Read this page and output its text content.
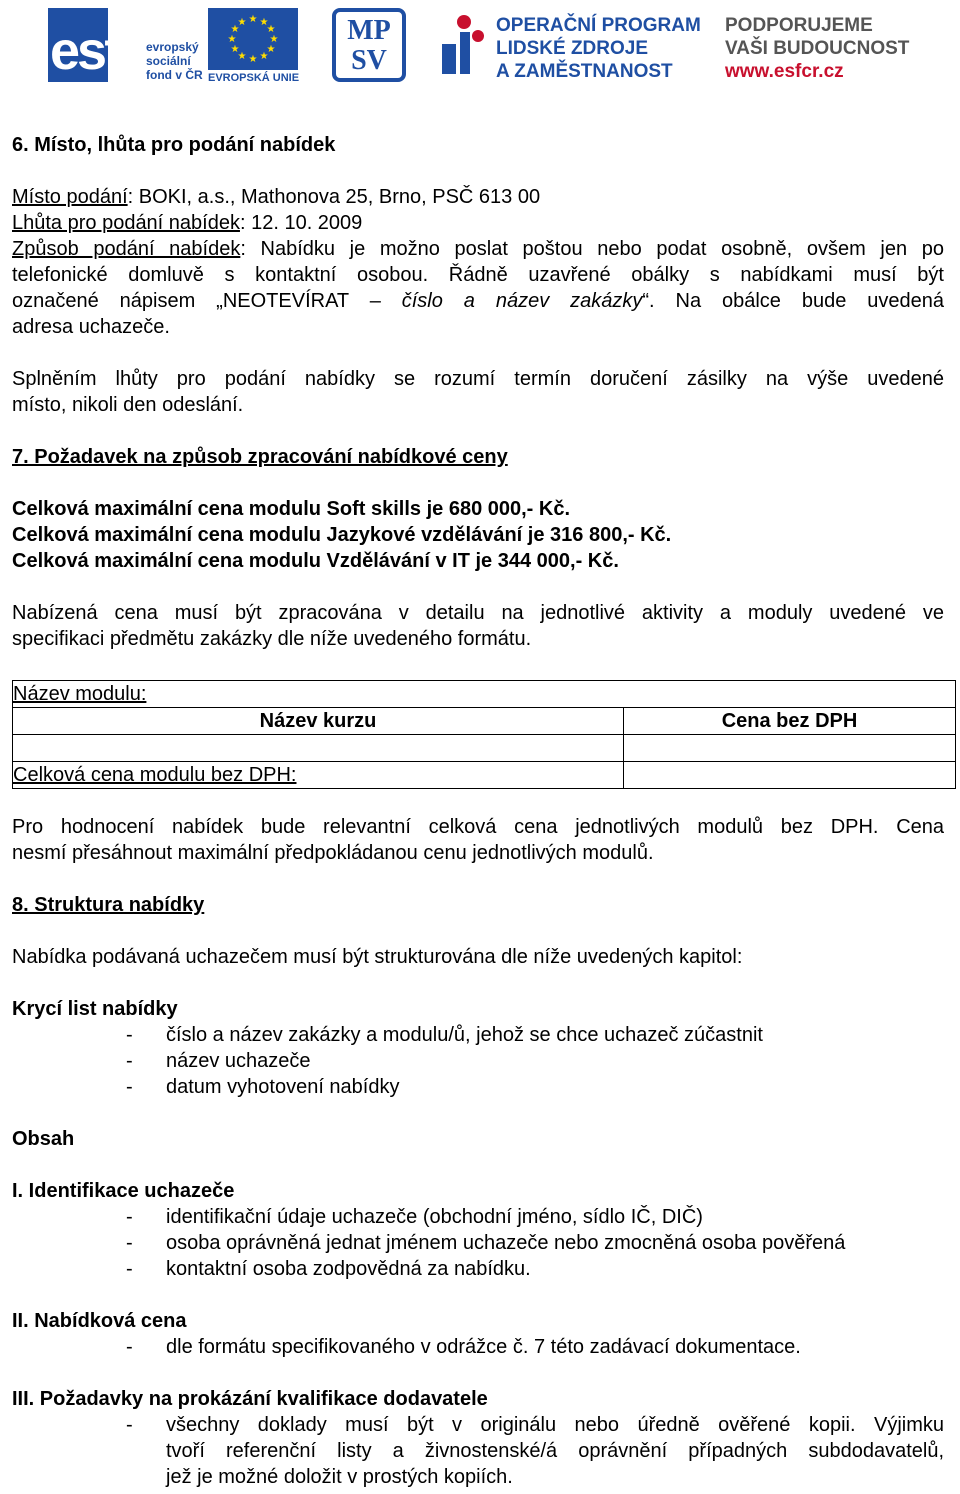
esf evropský
sociální
fond v ČR
★ ★
★
★
★
★
★
★
★
★
★
★
EVROPSKÁ UNIE
MP
SV
OPERAČNÍ PROGRAM
LIDSKÉ ZDROJE
A ZAMĚSTNANOST
PODPORUJEME
VAŠI BUDOUCNOST
www.esfcr.cz
6. Místo, lhůta pro podání nabídek
Místo podání: BOKI, a.s., Mathonova 25, Brno, PSČ 613 00
Lhůta pro podání nabídek: 12. 10. 2009
Způsob podání nabídek: Nabídku je možno poslat poštou nebo podat osobně, ovšem jen po
telefonické domluvě s kontaktní osobou. Řádně uzavřené obálky s nabídkami musí být
označené nápisem „NEOTEVÍRAT – číslo a název zakázky“. Na obálce bude uvedená
adresa uchazeče.
Splněním lhůty pro podání nabídky se rozumí termín doručení zásilky na výše uvedené
místo, nikoli den odeslání.
7. Požadavek na způsob zpracování nabídkové ceny
Celková maximální cena modulu Soft skills je 680 000,- Kč.
Celková maximální cena modulu Jazykové vzdělávání je 316 800,- Kč.
Celková maximální cena modulu Vzdělávání v IT je 344 000,- Kč.
Nabízená cena musí být zpracována v detailu na jednotlivé aktivity a moduly uvedené ve
specifikaci předmětu zakázky dle níže uvedeného formátu.
Název modulu:	
Název kurzu	Cena bez DPH

Celková cena modulu bez DPH:	
Pro hodnocení nabídek bude relevantní celková cena jednotlivých modulů bez DPH. Cena
nesmí přesáhnout maximální předpokládanou cenu jednotlivých modulů.
8. Struktura nabídky
Nabídka podávaná uchazečem musí být strukturována dle níže uvedených kapitol:
Krycí list nabídky
- číslo a název zakázky a modulu/ů, jehož se chce uchazeč zúčastnit
- název uchazeče
- datum vyhotovení nabídky
Obsah
I. Identifikace uchazeče
- identifikační údaje uchazeče (obchodní jméno, sídlo IČ, DIČ)
- osoba oprávněná jednat jménem uchazeče nebo zmocněná osoba pověřená
- kontaktní osoba zodpovědná za nabídku.
II. Nabídková cena
- dle formátu specifikovaného v odrážce č. 7 této zadávací dokumentace.
III. Požadavky na prokázání kvalifikace dodavatele
- všechny doklady musí být v originálu nebo úředně ověřené kopii. Výjimku
tvoří referenční listy a živnostenské/á oprávnění případných subdodavatelů,
jež je možné doložit v prostých kopiích.
